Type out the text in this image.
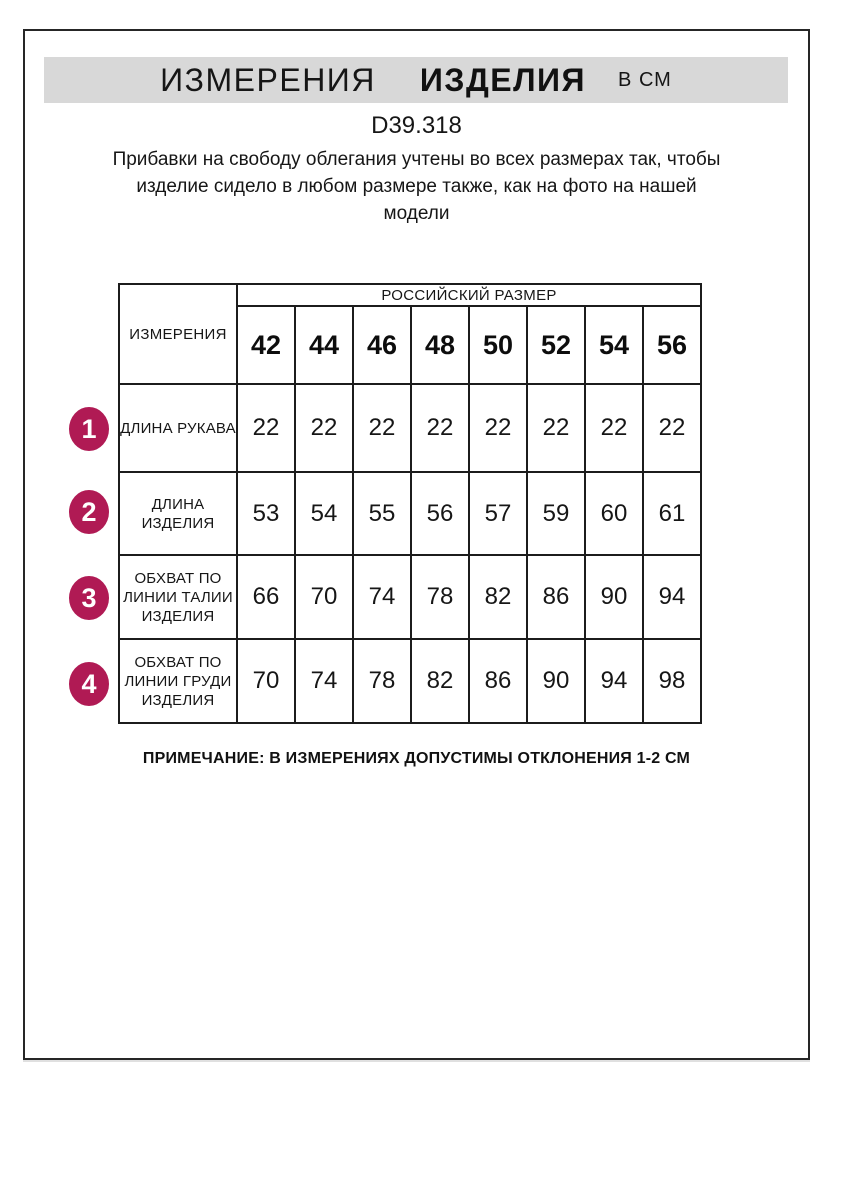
ИЗМЕРЕНИЯ ИЗДЕЛИЯ В СМ
D39.318
Прибавки на свободу облегания учтены во всех размерах так, чтобы
изделие сидело в любом размере также, как на фото на нашей
модели
ИЗМЕРЕНИЯ	РОССИЙСКИЙ РАЗМЕР							
	42	44	46	48	50	52	54	56
ДЛИНА РУКАВА	22	22	22	22	22	22	22	22
ДЛИНА ИЗДЕЛИЯ	53	54	55	56	57	59	60	61
ОБХВАТ ПО ЛИНИИ ТАЛИИ ИЗДЕЛИЯ	66	70	74	78	82	86	90	94
ОБХВАТ ПО ЛИНИИ ГРУДИ ИЗДЕЛИЯ	70	74	78	82	86	90	94	98
1
2
3
4
ПРИМЕЧАНИЕ: В ИЗМЕРЕНИЯХ ДОПУСТИМЫ ОТКЛОНЕНИЯ 1-2 СМ
